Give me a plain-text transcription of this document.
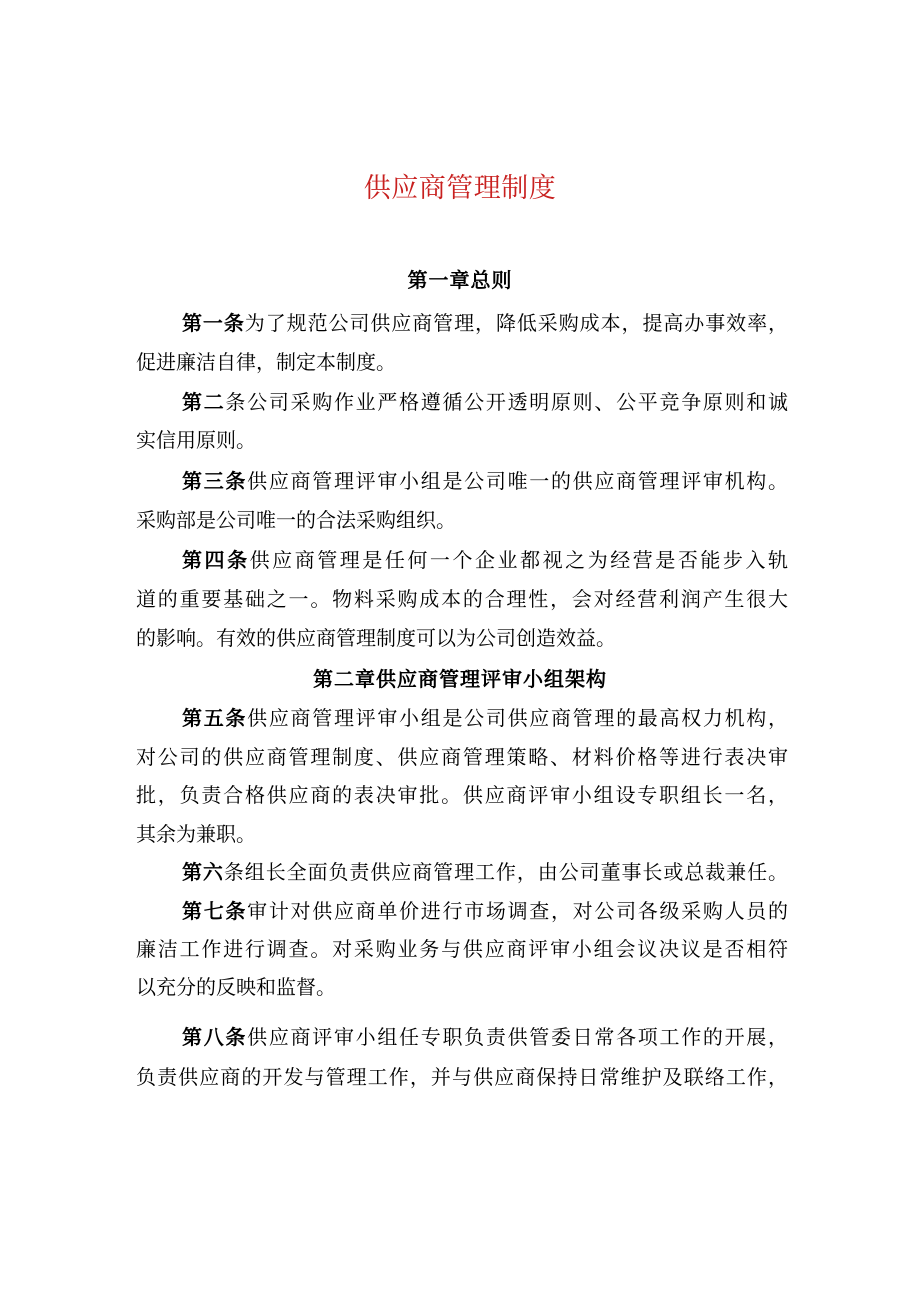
供应商管理制度
第一章总则
第一条为了规范公司供应商管理，降低采购成本，提高办事效率，
促进廉洁自律，制定本制度。
第二条公司采购作业严格遵循公开透明原则、公平竞争原则和诚
实信用原则。
第三条供应商管理评审小组是公司唯一的供应商管理评审机构。
采购部是公司唯一的合法采购组织。
第四条供应商管理是任何一个企业都视之为经营是否能步入轨
道的重要基础之一。物料采购成本的合理性，会对经营利润产生很大
的影响。有效的供应商管理制度可以为公司创造效益。
第二章供应商管理评审小组架构
第五条供应商管理评审小组是公司供应商管理的最高权力机构，
对公司的供应商管理制度、供应商管理策略、材料价格等进行表决审
批，负责合格供应商的表决审批。供应商评审小组设专职组长一名，
其余为兼职。
第六条组长全面负责供应商管理工作，由公司董事长或总裁兼任。
第七条审计对供应商单价进行市场调查，对公司各级采购人员的
廉洁工作进行调查。对采购业务与供应商评审小组会议决议是否相符
以充分的反映和监督。
第八条供应商评审小组任专职负责供管委日常各项工作的开展，
负责供应商的开发与管理工作，并与供应商保持日常维护及联络工作，
